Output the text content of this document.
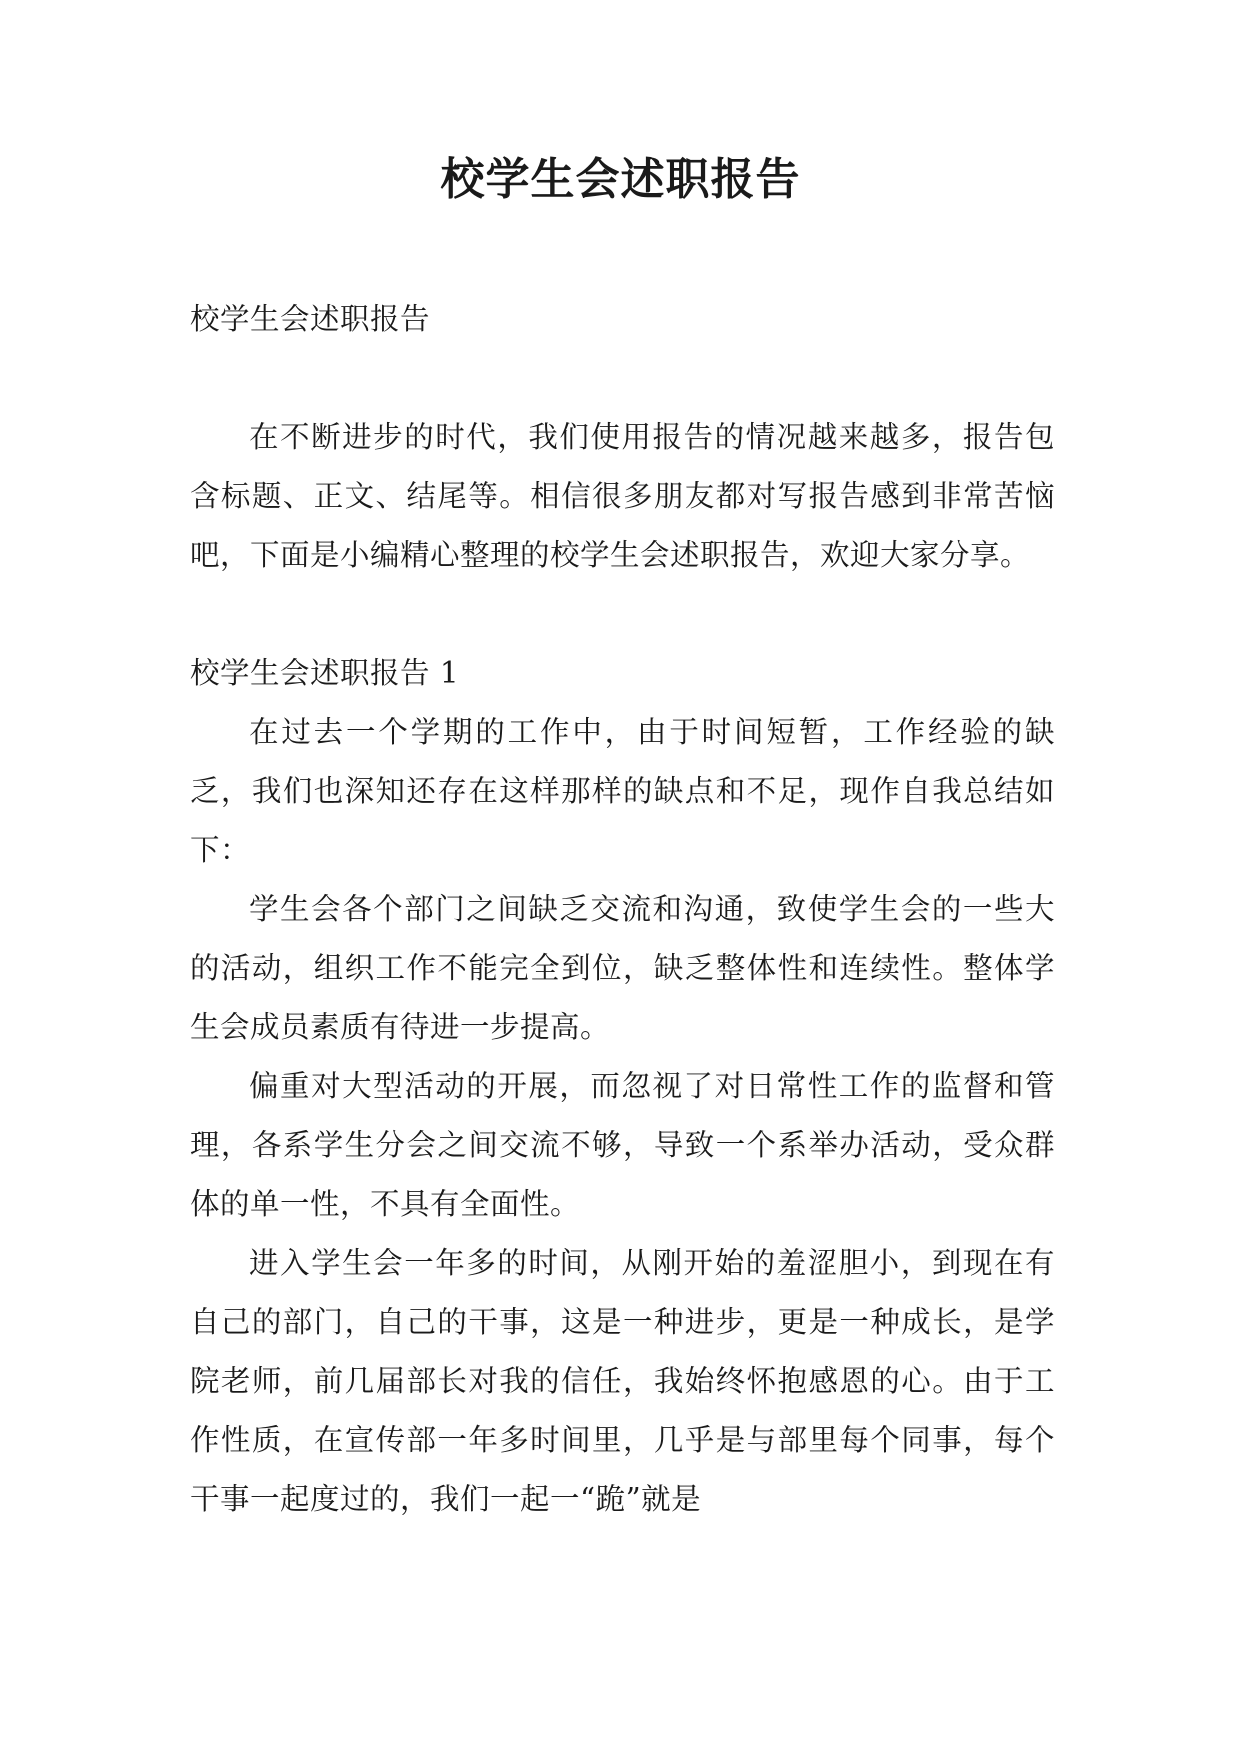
校学生会述职报告

校学生会述职报告

在不断进步的时代，我们使用报告的情况越来越多，报告包含标题、正文、结尾等。相信很多朋友都对写报告感到非常苦恼吧，下面是小编精心整理的校学生会述职报告，欢迎大家分享。

校学生会述职报告 1

在过去一个学期的工作中，由于时间短暂，工作经验的缺乏，我们也深知还存在这样那样的缺点和不足，现作自我总结如下：

学生会各个部门之间缺乏交流和沟通，致使学生会的一些大的活动，组织工作不能完全到位，缺乏整体性和连续性。整体学生会成员素质有待进一步提高。

偏重对大型活动的开展，而忽视了对日常性工作的监督和管理，各系学生分会之间交流不够，导致一个系举办活动，受众群体的单一性，不具有全面性。

进入学生会一年多的时间，从刚开始的羞涩胆小，到现在有自己的部门，自己的干事，这是一种进步，更是一种成长，是学院老师，前几届部长对我的信任，我始终怀抱感恩的心。由于工作性质，在宣传部一年多时间里，几乎是与部里每个同事，每个干事一起度过的，我们一起一“跪”就是
